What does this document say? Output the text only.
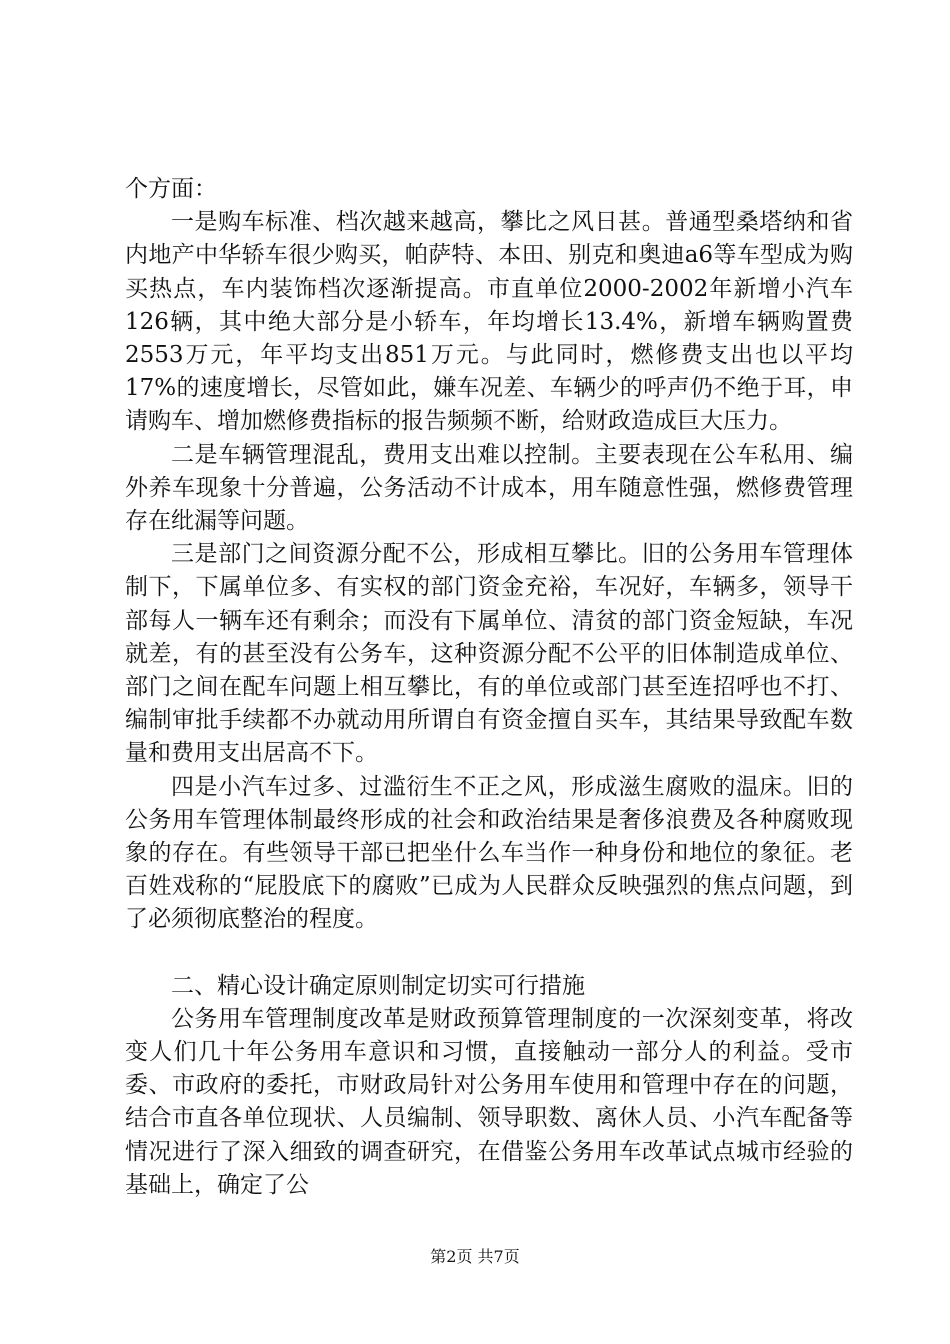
个方面：

一是购车标准、档次越来越高，攀比之风日甚。普通型桑塔纳和省内地产中华轿车很少购买，帕萨特、本田、别克和奥迪a6等车型成为购买热点，车内装饰档次逐渐提高。市直单位2000-2002年新增小汽车126辆，其中绝大部分是小轿车，年均增长13.4%，新增车辆购置费2553万元，年平均支出851万元。与此同时，燃修费支出也以平均17%的速度增长，尽管如此，嫌车况差、车辆少的呼声仍不绝于耳，申请购车、增加燃修费指标的报告频频不断，给财政造成巨大压力。

二是车辆管理混乱，费用支出难以控制。主要表现在公车私用、编外养车现象十分普遍，公务活动不计成本，用车随意性强，燃修费管理存在纰漏等问题。

三是部门之间资源分配不公，形成相互攀比。旧的公务用车管理体制下，下属单位多、有实权的部门资金充裕，车况好，车辆多，领导干部每人一辆车还有剩余；而没有下属单位、清贫的部门资金短缺，车况就差，有的甚至没有公务车，这种资源分配不公平的旧体制造成单位、部门之间在配车问题上相互攀比，有的单位或部门甚至连招呼也不打、编制审批手续都不办就动用所谓自有资金擅自买车，其结果导致配车数量和费用支出居高不下。

四是小汽车过多、过滥衍生不正之风，形成滋生腐败的温床。旧的公务用车管理体制最终形成的社会和政治结果是奢侈浪费及各种腐败现象的存在。有些领导干部已把坐什么车当作一种身份和地位的象征。老百姓戏称的“屁股底下的腐败”已成为人民群众反映强烈的焦点问题，到了必须彻底整治的程度。

二、精心设计确定原则制定切实可行措施

公务用车管理制度改革是财政预算管理制度的一次深刻变革，将改变人们几十年公务用车意识和习惯，直接触动一部分人的利益。受市委、市政府的委托，市财政局针对公务用车使用和管理中存在的问题，结合市直各单位现状、人员编制、领导职数、离休人员、小汽车配备等情况进行了深入细致的调查研究，在借鉴公务用车改革试点城市经验的基础上，确定了公

第2页 共7页
